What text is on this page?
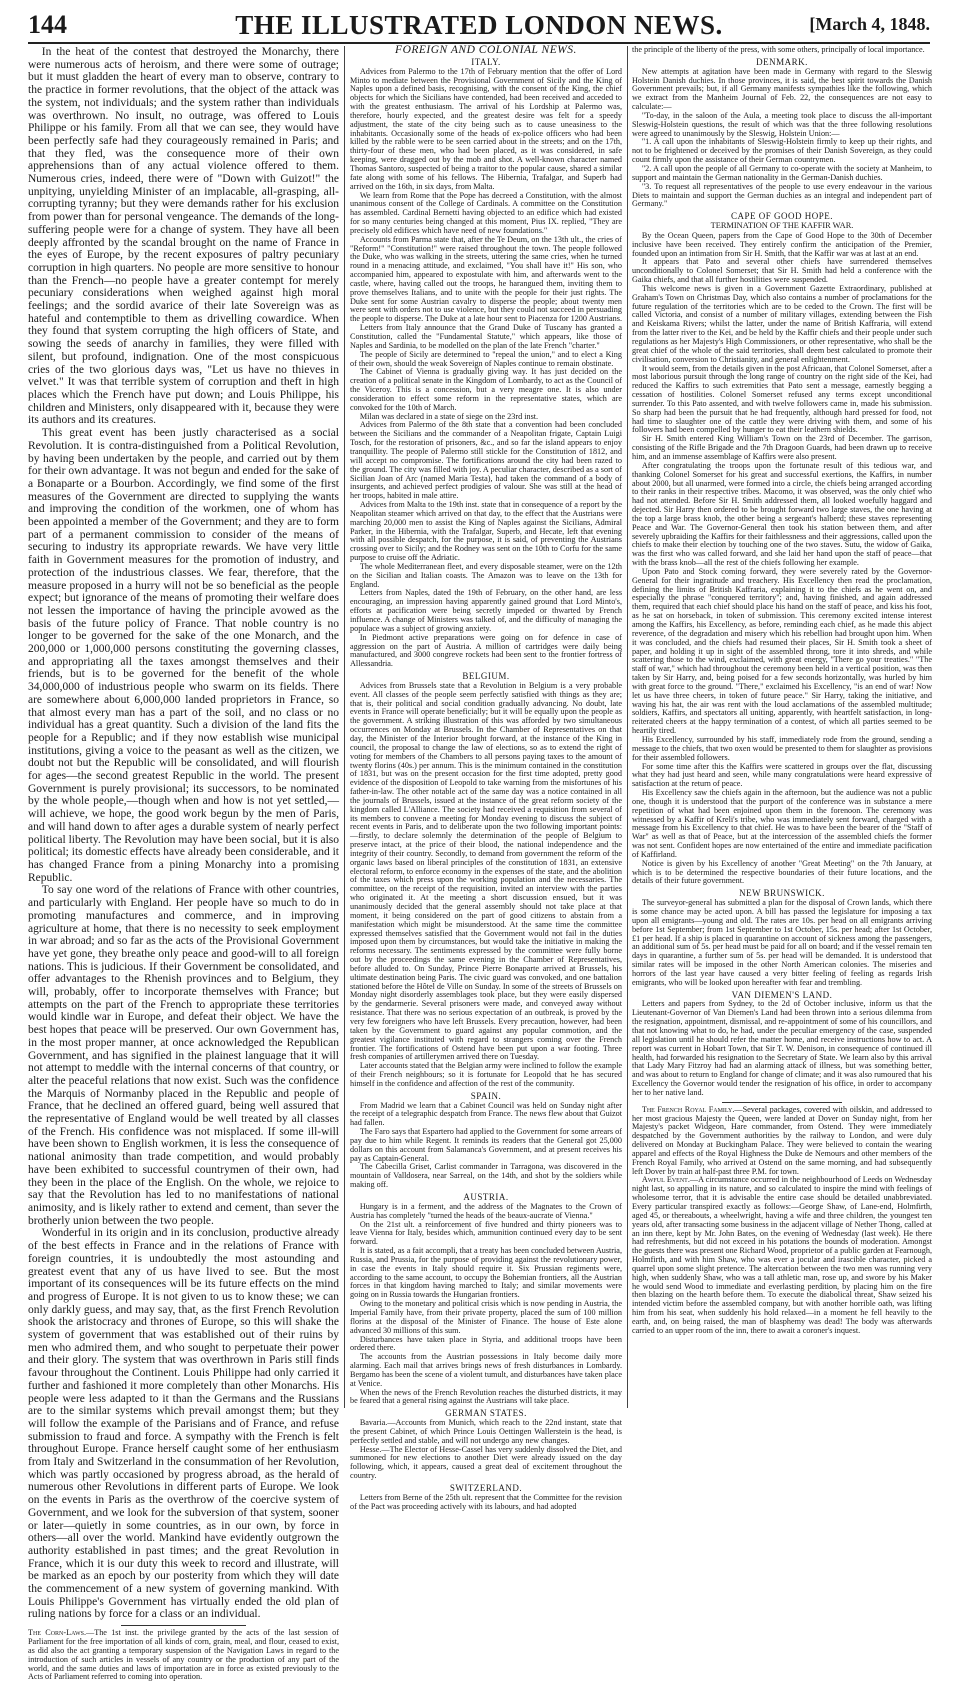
144	THE ILLUSTRATED LONDON NEWS.	[March 4, 1848.

In the heat of the contest that destroyed the Monarchy, there were numerous acts of heroism, and there were some of outrage; but it must gladden the heart of every man to observe, contrary to the practice in former revolutions, that the object of the attack was the system, not individuals; and the system rather than individuals was overthrown. No insult, no outrage, was offered to Louis Philippe or his family. From all that we can see, they would have been perfectly safe had they courageously remained in Paris; and that they fled, was the consequence more of their own apprehensions than of any actual violence offered to them. Numerous cries, indeed, there were of "Down with Guizot!" the unpitying, unyielding Minister of an implacable, all-grasping, all-corrupting tyranny; but they were demands rather for his exclusion from power than for personal vengeance. The demands of the long-suffering people were for a change of system. They have all been deeply affronted by the scandal brought on the name of France in the eyes of Europe, by the recent exposures of paltry pecuniary corruption in high quarters. No people are more sensitive to honour than the French—no people have a greater contempt for merely pecuniary considerations when weighed against high moral feelings; and the sordid avarice of their late Sovereign was as hateful and contemptible to them as drivelling cowardice. When they found that system corrupting the high officers of State, and sowing the seeds of anarchy in families, they were filled with silent, but profound, indignation. One of the most conspicuous cries of the two glorious days was, "Let us have no thieves in velvet." It was that terrible system of corruption and theft in high places which the French have put down; and Louis Philippe, his children and Ministers, only disappeared with it, because they were its authors and its creatures.

This great event has been justly characterised as a social Revolution. It is contra-distinguished from a Political Revolution, by having been undertaken by the people, and carried out by them for their own advantage. It was not begun and ended for the sake of a Bonaparte or a Bourbon. Accordingly, we find some of the first measures of the Government are directed to supplying the wants and improving the condition of the workmen, one of whom has been appointed a member of the Government; and they are to form part of a permanent commission to consider of the means of securing to industry its appropriate rewards. We have very little faith in Government measures for the promotion of industry, and protection of the industrious classes. We fear, therefore, that the measure proposed in a hurry will not be so beneficial as the people expect; but ignorance of the means of promoting their welfare does not lessen the importance of having the principle avowed as the basis of the future policy of France. That noble country is no longer to be governed for the sake of the one Monarch, and the 200,000 or 1,000,000 persons constituting the governing classes, and appropriating all the taxes amongst themselves and their friends, but is to be governed for the benefit of the whole 34,000,000 of industrious people who swarm on its fields. There are somewhere about 6,000,000 landed proprietors in France, so that almost every man has a part of the soil, and no class or no individual has a great quantity. Such a division of the land fits the people for a Republic; and if they now establish wise municipal institutions, giving a voice to the peasant as well as the citizen, we doubt not but the Republic will be consolidated, and will flourish for ages—the second greatest Republic in the world. The present Government is purely provisional; its successors, to be nominated by the whole people,—though when and how is not yet settled,—will achieve, we hope, the good work begun by the men of Paris, and will hand down to after ages a durable system of nearly perfect political liberty. The Revolution may have been social, but it is also political; its domestic effects have already been considerable, and it has changed France from a pining Monarchy into a promising Republic.

To say one word of the relations of France with other countries, and particularly with England. Her people have so much to do in promoting manufactures and commerce, and in improving agriculture at home, that there is no necessity to seek employment in war abroad; and so far as the acts of the Provisional Government have yet gone, they breathe only peace and good-will to all foreign nations. This is judicious. If their Government be consolidated, and offer advantages to the Rhenish provinces and to Belgium, they will, probably, offer to incorporate themselves with France; but attempts on the part of the French to appropriate these territories would kindle war in Europe, and defeat their object. We have the best hopes that peace will be preserved. Our own Government has, in the most proper manner, at once acknowledged the Republican Government, and has signified in the plainest language that it will not attempt to meddle with the internal concerns of that country, or alter the peaceful relations that now exist. Such was the confidence the Marquis of Normanby placed in the Republic and people of France, that he declined an offered guard, being well assured that the representative of England would be well treated by all classes of the French. His confidence was not misplaced. If some ill-will have been shown to English workmen, it is less the consequence of national animosity than trade competition, and would probably have been exhibited to successful countrymen of their own, had they been in the place of the English. On the whole, we rejoice to say that the Revolution has led to no manifestations of national animosity, and is likely rather to extend and cement, than sever the brotherly union between the two people.

Wonderful in its origin and in its conclusion, productive already of the best effects in France and in the relations of France with foreign countries, it is undoubtedly the most astounding and greatest event that any of us have lived to see. But the most important of its consequences will be its future effects on the mind and progress of Europe. It is not given to us to know these; we can only darkly guess, and may say, that, as the first French Revolution shook the aristocracy and thrones of Europe, so this will shake the system of government that was established out of their ruins by men who admired them, and who sought to perpetuate their power and their glory. The system that was overthrown in Paris still finds favour throughout the Continent. Louis Philippe had only carried it further and fashioned it more completely than other Monarchs. His people were less adapted to it than the Germans and the Russians are to the similar systems which prevail amongst them; but they will follow the example of the Parisians and of France, and refuse submission to fraud and force. A sympathy with the French is felt throughout Europe. France herself caught some of her enthusiasm from Italy and Switzerland in the consummation of her Revolution, which was partly occasioned by progress abroad, as the herald of numerous other Revolutions in different parts of Europe. We look on the events in Paris as the overthrow of the coercive system of Government, and we look for the subversion of that system, sooner or later—quietly in some countries, as in our own, by force in others—all over the world. Mankind have evidently outgrown the authority established in past times; and the great Revolution in France, which it is our duty this week to record and illustrate, will be marked as an epoch by our posterity from which they will date the commencement of a new system of governing mankind. With Louis Philippe's Government has virtually ended the old plan of ruling nations by force for a class or an individual.

The Corn-Laws.—The 1st inst. the privilege granted by the acts of the last session of Parliament for the free importation of all kinds of corn, grain, meal, and flour, ceased to exist, as did also the act granting a temporary suspension of the Navigation Laws in regard to the introduction of such articles in vessels of any country or the production of any part of the world, and the same duties and laws of importation are in force as existed previously to the Acts of Parliament referred to coming into operation.
FOREIGN AND COLONIAL NEWS.
ITALY.

Advices from Palermo to the 17th of February mention that the offer of Lord Minto to mediate between the Provisional Government of Sicily and the King of Naples upon a defined basis, recognising, with the consent of the King, the chief objects for which the Sicilians have contended, had been received and acceded to with the greatest enthusiasm. The arrival of his Lordship at Palermo was, therefore, hourly expected, and the greatest desire was felt for a speedy adjustment, the state of the city being such as to cause uneasiness to the inhabitants. Occasionally some of the heads of ex-police officers who had been killed by the rabble were to be seen carried about in the streets; and on the 17th, thirty-four of these men, who had been placed, as it was considered, in safe keeping, were dragged out by the mob and shot. A well-known character named Thomas Santoro, suspected of being a traitor to the popular cause, shared a similar fate along with some of his fellows. The Hibernia, Trafalgar, and Superb had arrived on the 16th, in six days, from Malta.

We learn from Rome that the Pope has decreed a Constitution, with the almost unanimous consent of the College of Cardinals. A committee on the Constitution has assembled. Cardinal Bernetti having objected to an edifice which had existed for so many centuries being changed at this moment, Pius IX. replied, "They are precisely old edifices which have need of new foundations."

Accounts from Parma state that, after the Te Deum, on the 13th ult., the cries of "Reform!" "Constitution!" were raised throughout the town. The people followed the Duke, who was walking in the streets, uttering the same cries, when he turned round in a menacing attitude, and exclaimed, "You shall have it!" His son, who accompanied him, appeared to expostulate with him, and afterwards went to the castle, where, having called out the troops, he harangued them, inviting them to prove themselves Italians, and to unite with the people for their just rights. The Duke sent for some Austrian cavalry to disperse the people; about twenty men were sent with orders not to use violence, but they could not succeed in persuading the people to disperse. The Duke at a late hour sent to Piacenza for 1200 Austrians.

Letters from Italy announce that the Grand Duke of Tuscany has granted a Constitution, called the "Fundamental Statute," which appears, like those of Naples and Sardinia, to be modelled on the plan of the late French "charter."

The people of Sicily are determined to "repeal the union," and to elect a King of their own, should the weak Sovereign of Naples continue to remain obstinate.

The Cabinet of Vienna is gradually giving way. It has just decided on the creation of a political senate in the Kingdom of Lombardy, to act as the Council of the Viceroy. This is a concession, but a very meagre one. It is also under consideration to effect some reform in the representative states, which are convoked for the 10th of March.

Milan was declared in a state of siege on the 23rd inst.

Advices from Palermo of the 8th state that a convention had been concluded between the Sicilians and the commander of a Neapolitan frigate, Captain Luigi Tosch, for the restoration of prisoners, &c., and so far the island appears to enjoy tranquillity. The people of Palermo still stickle for the Constitution of 1812, and will accept no compromise. The fortifications around the city had been razed to the ground. The city was filled with joy. A peculiar character, described as a sort of Sicilian Joan of Arc (named Maria Testa), had taken the command of a body of insurgents, and achieved perfect prodigies of valour. She was still at the head of her troops, habited in male attire.

Advices from Malta to the 19th inst. state that in consequence of a report by the Neapolitan steamer which arrived on that day, to the effect that the Austrians were marching 20,000 men to assist the King of Naples against the Sicilians, Admiral Parker, in the Hibernia, with the Trafalgar, Superb, and Hecate, left that evening with all possible despatch, for the purpose, it is said, of preventing the Austrians crossing over to Sicily; and the Rodney was sent on the 10th to Corfu for the same purpose to cruise off the Adriatic.

The whole Mediterranean fleet, and every disposable steamer, were on the 12th on the Sicilian and Italian coasts. The Amazon was to leave on the 13th for England.

Letters from Naples, dated the 19th of February, on the other hand, are less encouraging, an impression having apparently gained ground that Lord Minto's, efforts at pacification were being secretly impeded or thwarted by French influence. A change of Ministers was talked of, and the difficulty of managing the populace was a subject of growing anxiety.

In Piedmont active preparations were going on for defence in case of aggression on the part of Austria. A million of cartridges were daily being manufactured, and 3000 congreve rockets had been sent to the frontier fortress of Allessandria.

BELGIUM.

Advices from Brussels state that a Revolution in Belgium is a very probable event. All classes of the people seem perfectly satisfied with things as they are; that is, their political and social condition gradually advancing. No doubt, late events in France will operate beneficially; but it will be equally upon the people as the government. A striking illustration of this was afforded by two simultaneous occurrences on Monday at Brussels. In the Chamber of Representatives on that day, the Minister of the Interior brought forward, at the instance of the King in council, the proposal to change the law of elections, so as to extend the right of voting for members of the Chambers to all persons paying taxes to the amount of twenty florins (40s.) per annum. This is the minimum contained in the constitution of 1831, but was on the present occasion for the first time adopted, pretty good evidence of the disposition of Leopold to take warning from the misfortunes of his father-in-law. The other notable act of the same day was a notice contained in all the journals of Brussels, issued at the instance of the great reform society of the kingdom called L'Alliance. The society had received a requisition from several of its members to convene a meeting for Monday evening to discuss the subject of recent events in Paris, and to deliberate upon the two following important points:—firstly, to declare solemnly the determination of the people of Belgium to preserve intact, at the price of their blood, the national independence and the integrity of their country. Secondly, to demand from government the reform of the organic laws based on liberal principles of the constitution of 1831, an extensive electoral reform, to enforce economy in the expenses of the state, and the abolition of the taxes which press upon the working population and the necessaries. The committee, on the receipt of the requisition, invited an interview with the parties who originated it. At the meeting a short discussion ensued, but it was unanimously decided that the general assembly should not take place at that moment, it being considered on the part of good citizens to abstain from a manifestation which might be misunderstood. At the same time the committee expressed themselves satisfied that the Government would not fail in the duties imposed upon them by circumstances, but would take the initiative in making the reforms necessary. The sentiments expressed by the committee were fully borne out by the proceedings the same evening in the Chamber of Representatives, before alluded to. On Sunday, Prince Pierre Bonaparte arrived at Brussels, his ultimate destination being Paris. The civic guard was convoked, and one battalion stationed before the Hôtel de Ville on Sunday. In some of the streets of Brussels on Monday night disorderly assemblages took place, but they were easily dispersed by the gendarmerie. Several prisoners were made, and conveyed away without resistance. That there was no serious expectation of an outbreak, is proved by the very few foreigners who have left Brussels. Every precaution, however, had been taken by the Government to guard against any popular commotion, and the greatest vigilance instituted with regard to strangers coming over the French frontier. The fortifications of Ostend have been put upon a war footing. Three fresh companies of artillerymen arrived there on Tuesday.

Later accounts stated that the Belgian army were inclined to follow the example of their French neighbours; so it is fortunate for Leopold that he has secured himself in the confidence and affection of the rest of the community.

SPAIN.

From Madrid we learn that a Cabinet Council was held on Sunday night after the receipt of a telegraphic despatch from France. The news flew about that Guizot had fallen.

The Faro says that Espartero had applied to the Government for some arrears of pay due to him while Regent. It reminds its readers that the General got 25,000 dollars on this account from Salamanca's Government, and at present receives his pay as Captain-General.

The Cabecilla Griset, Carlist commander in Tarragona, was discovered in the mountain of Valldosera, near Sarreal, on the 14th, and shot by the soldiers while making off.

AUSTRIA.

Hungary is in a ferment, and the address of the Magnates to the Crown of Austria has completely "turned the heads of the beaux-aucrate of Vienna."

On the 21st ult. a reinforcement of five hundred and thirty pioneers was to leave Vienna for Italy, besides which, ammunition continued every day to be sent forward.

It is stated, as a fait accompli, that a treaty has been concluded between Austria, Russia, and Prussia, for the purpose of providing against the revolutionary power, in case the events in Italy should require it. Six Prussian regiments were, according to the same account, to occupy the Bohemian frontiers, all the Austrian forces in that kingdom having marched to Italy; and similar movements were going on in Russia towards the Hungarian frontiers.

Owing to the monetary and political crisis which is now pending in Austria, the Imperial Family have, from their private property, placed the sum of 100 million florins at the disposal of the Minister of Finance. The house of Este alone advanced 30 millions of this sum.

Disturbances have taken place in Styria, and additional troops have been ordered there.

The accounts from the Austrian possessions in Italy become daily more alarming. Each mail that arrives brings news of fresh disturbances in Lombardy. Bergamo has been the scene of a violent tumult, and disturbances have taken place at Venice.

When the news of the French Revolution reaches the disturbed districts, it may be feared that a general rising against the Austrians will take place.

GERMAN STATES.

Bavaria.—Accounts from Munich, which reach to the 22nd instant, state that the present Cabinet, of which Prince Louis Oettingen Wallerstein is the head, is perfectly settled and stable, and will not undergo any new changes.

Hesse.—The Elector of Hesse-Cassel has very suddenly dissolved the Diet, and summoned for new elections to another Diet were already issued on the day following, which, it appears, caused a great deal of excitement throughout the country.

SWITZERLAND.

Letters from Berne of the 25th ult. represent that the Committee for the revision of the Pact was proceeding actively with its labours, and had adopted

the principle of the liberty of the press, with some others, principally of local importance.

DENMARK.

New attempts at agitation have been made in Germany with regard to the Sleswig Holstein Danish duchies. In those provinces, it is said, the best spirit towards the Danish Government prevails; but, if all Germany manifests sympathies like the following, which we extract from the Manheim Journal of Feb. 22, the consequences are not easy to calculate:—

"To-day, in the saloon of the Aula, a meeting took place to discuss the all-important Sleswig-Holstein questions, the result of which was that the three following resolutions were agreed to unanimously by the Sleswig, Holstein Union:—

"1. A call upon the inhabitants of Sleswig-Holstein firmly to keep up their rights, and not to be frightened or deceived by the promises of their Danish Sovereign, as they could count firmly upon the assistance of their German countrymen.

"2. A call upon the people of all Germany to co-operate with the society at Manheim, to support and maintain the German nationality in the German-Danish duchies.

"3. To request all representatives of the people to use every endeavour in the various Diets to maintain and support the German duchies as an integral and independent part of Germany."

CAPE OF GOOD HOPE.
TERMINATION OF THE KAFFIR WAR.

By the Ocean Queen, papers from the Cape of Good Hope to the 30th of December inclusive have been received. They entirely confirm the anticipation of the Premier, founded upon an intimation from Sir H. Smith, that the Kaffir war was at last at an end.

It appears that Pato and several other chiefs have surrendered themselves unconditionally to Colonel Somerset; that Sir H. Smith had held a conference with the Gaika chiefs, and that all further hostilities were suspended.

This welcome news is given in a Government Gazette Extraordinary, published at Graham's Town on Christmas Day, which also contains a number of proclamations for the future regulation of the territories which are to be ceded to the Crown. The first will be called Victoria, and consist of a number of military villages, extending between the Fish and Keiskama Rivers; whilst the latter, under the name of British Kaffraria, will extend from the latter river to the Kei, and be held by the Kaffir chiefs and their people under such regulations as her Majesty's High Commissioners, or other representative, who shall be the great chief of the whole of the said territories, shall deem best calculated to promote their civilisation, conversion to Christianity, and general enlightenment.

It would seem, from the details given in the post Africaan, that Colonel Somerset, after a most laborious pursuit through the long range of country on the right side of the Kei, had reduced the Kaffirs to such extremities that Pato sent a message, earnestly begging a cessation of hostilities. Colonel Somerset refused any terms except unconditional surrender. To this Pato assented, and with twelve followers came in, made his submission. So sharp had been the pursuit that he had frequently, although hard pressed for food, not had time to slaughter one of the cattle they were driving with them, and some of his followers had been compelled by hunger to eat their leathern shields.

Sir H. Smith entered King William's Town on the 23rd of December. The garrison, consisting of the Rifle Brigade and the 7th Dragoon Guards, had been drawn up to receive him, and an immense assemblage of Kaffirs were also present.

After congratulating the troops upon the fortunate result of this tedious war, and thanking Colonel Somerset for his great and successful exertions, the Kaffirs, in number about 2000, but all unarmed, were formed into a circle, the chiefs being arranged according to their ranks in their respective tribes. Macomo, it was observed, was the only chief who had not attended. Before Sir H. Smith addressed them, all looked woefully haggard and dejected. Sir Harry then ordered to be brought forward two large staves, the one having at the top a large brass knob, the other being a sergeant's halberd; these staves representing Peace and War. The Governor-General then took his station between them, and after severely upbraiding the Kaffirs for their faithlessness and their aggressions, called upon the chiefs to make their election by touching one of the two staves. Sutu, the widow of Gaika, was the first who was called forward, and she laid her hand upon the staff of peace—that with the brass knob—all the rest of the chiefs following her example.

Upon Pato and Stock coming forward, they were severely rated by the Governor-General for their ingratitude and treachery. His Excellency then read the proclamation, defining the limits of British Kaffraria, explaining it to the chiefs as he went on, and especially the phrase "conquered territory"; and, having finished, and again addressed them, required that each chief should place his hand on the staff of peace, and kiss his foot, as he sat on horseback, in token of submission. This ceremony excited intense interest among the Kaffirs, his Excellency, as before, reminding each chief, as he made this abject reverence, of the degradation and misery which his rebellion had brought upon him. When it was concluded, and the chiefs had resumed their places, Sir H. Smith took a sheet of paper, and holding it up in sight of the assembled throng, tore it into shreds, and while scattering those to the wind, exclaimed, with great energy, "There go your treaties." "The staff of war," which had throughout the ceremony been held in a vertical position, was then taken by Sir Harry, and, being poised for a few seconds horizontally, was hurled by him with great force to the ground. "There," exclaimed his Excellency, "is an end of war! Now let us have three cheers, in token of future peace." Sir Harry, taking the initiative, and waving his hat, the air was rent with the loud acclamations of the assembled multitude; soldiers, Kaffirs, and spectators all uniting, apparently, with heartfelt satisfaction, in long-reiterated cheers at the happy termination of a contest, of which all parties seemed to be heartily tired.

His Excellency, surrounded by his staff, immediately rode from the ground, sending a message to the chiefs, that two oxen would be presented to them for slaughter as provisions for their assembled followers.

For some time after this the Kaffirs were scattered in groups over the flat, discussing what they had just heard and seen, while many congratulations were heard expressive of satisfaction at the return of peace.

His Excellency saw the chiefs again in the afternoon, but the audience was not a public one, though it is understood that the purport of the conference was in substance a mere repetition of what had been enjoined upon them in the forenoon. The ceremony was witnessed by a Kaffir of Kreli's tribe, who was immediately sent forward, charged with a message from his Excellency to that chief. He was to have been the bearer of the "Staff of War" as well as that of Peace, but at the intercession of the assembled chiefs the former was not sent. Confident hopes are now entertained of the entire and immediate pacification of Kaffirland.

Notice is given by his Excellency of another "Great Meeting" on the 7th January, at which is to be determined the respective boundaries of their future locations, and the details of their future government.

NEW BRUNSWICK.

The surveyor-general has submitted a plan for the disposal of Crown lands, which there is some chance may be acted upon. A bill has passed the legislature for imposing a tax upon all emigrants—young and old. The rates are 10s. per head on all emigrants arriving before 1st September; from 1st September to 1st October, 15s. per head; after 1st October, £1 per head. If a ship is placed in quarantine on account of sickness among the passengers, an additional sum of 5s. per head must be paid for all on board; and if the vessel remain ten days in quarantine, a further sum of 5s. per head will be demanded. It is understood that similar rates will be imposed in the other North American colonies. The miseries and horrors of the last year have caused a very bitter feeling of feeling as regards Irish emigrants, who will be looked upon hereafter with fear and trembling.

VAN DIEMEN'S LAND.

Letters and papers from Sydney, to the 2d of October inclusive, inform us that the Lieutenant-Governor of Van Diemen's Land had been thrown into a serious dilemma from the resignation, appointment, dismissal, and re-appointment of some of his councillors, and that not knowing what to do, he had, under the peculiar emergency of the case, suspended all legislation until he should refer the matter home, and receive instructions how to act. A report was current in Hobart Town, that Sir T. W. Denison, in consequence of continued ill health, had forwarded his resignation to the Secretary of State. We learn also by this arrival that Lady Mary Fitzroy had had an alarming attack of illness, but was something better, and was about to return to England for change of climate; and it was also rumoured that his Excellency the Governor would tender the resignation of his office, in order to accompany her to her native land.

The French Royal Family.—Several packages, covered with oilskin, and addressed to her most gracious Majesty the Queen, were landed at Dover on Sunday night, from her Majesty's packet Widgeon, Hare commander, from Ostend. They were immediately despatched by the Government authorities by the railway to London, and were duly delivered on Monday at Buckingham Palace. They were believed to contain the wearing apparel and effects of the Royal Highness the Duke de Nemours and other members of the French Royal Family, who arrived at Ostend on the same morning, and had subsequently left Dover by train at half-past three P.M. for town.

Awful Event.—A circumstance occurred in the neighbourhood of Leeds on Wednesday night last, so appalling in its nature, and so calculated to inspire the mind with feelings of wholesome terror, that it is advisable the entire case should be detailed unabbreviated. Every particular transpired exactly as follows:—George Shaw, of Lane-end, Holmfirth, aged 45, or thereabouts, a wheelwright, having a wife and three children, the youngest ten years old, after transacting some business in the adjacent village of Nether Thong, called at an inn there, kept by Mr. John Bates, on the evening of Wednesday (last week). He there had refreshments, but did not exceed in his potations the bounds of moderation. Amongst the guests there was present one Richard Wood, proprietor of a public garden at Fearnough, Holmfirth, and with him Shaw, who was ever a jocular and irascible character, picked a quarrel upon some slight pretence. The altercation between the two men was running very high, when suddenly Shaw, who was a tall athletic man, rose up, and swore by his Maker he would send Wood to immediate and everlasting perdition, by placing him on the fire then blazing on the hearth before them. To execute the diabolical threat, Shaw seized his intended victim before the assembled company, but with another horrible oath, was lifting him from his seat, when suddenly his hold relaxed—in a moment he fell heavily to the earth, and, on being raised, the man of blasphemy was dead! The body was afterwards carried to an upper room of the inn, there to await a coroner's inquest.
